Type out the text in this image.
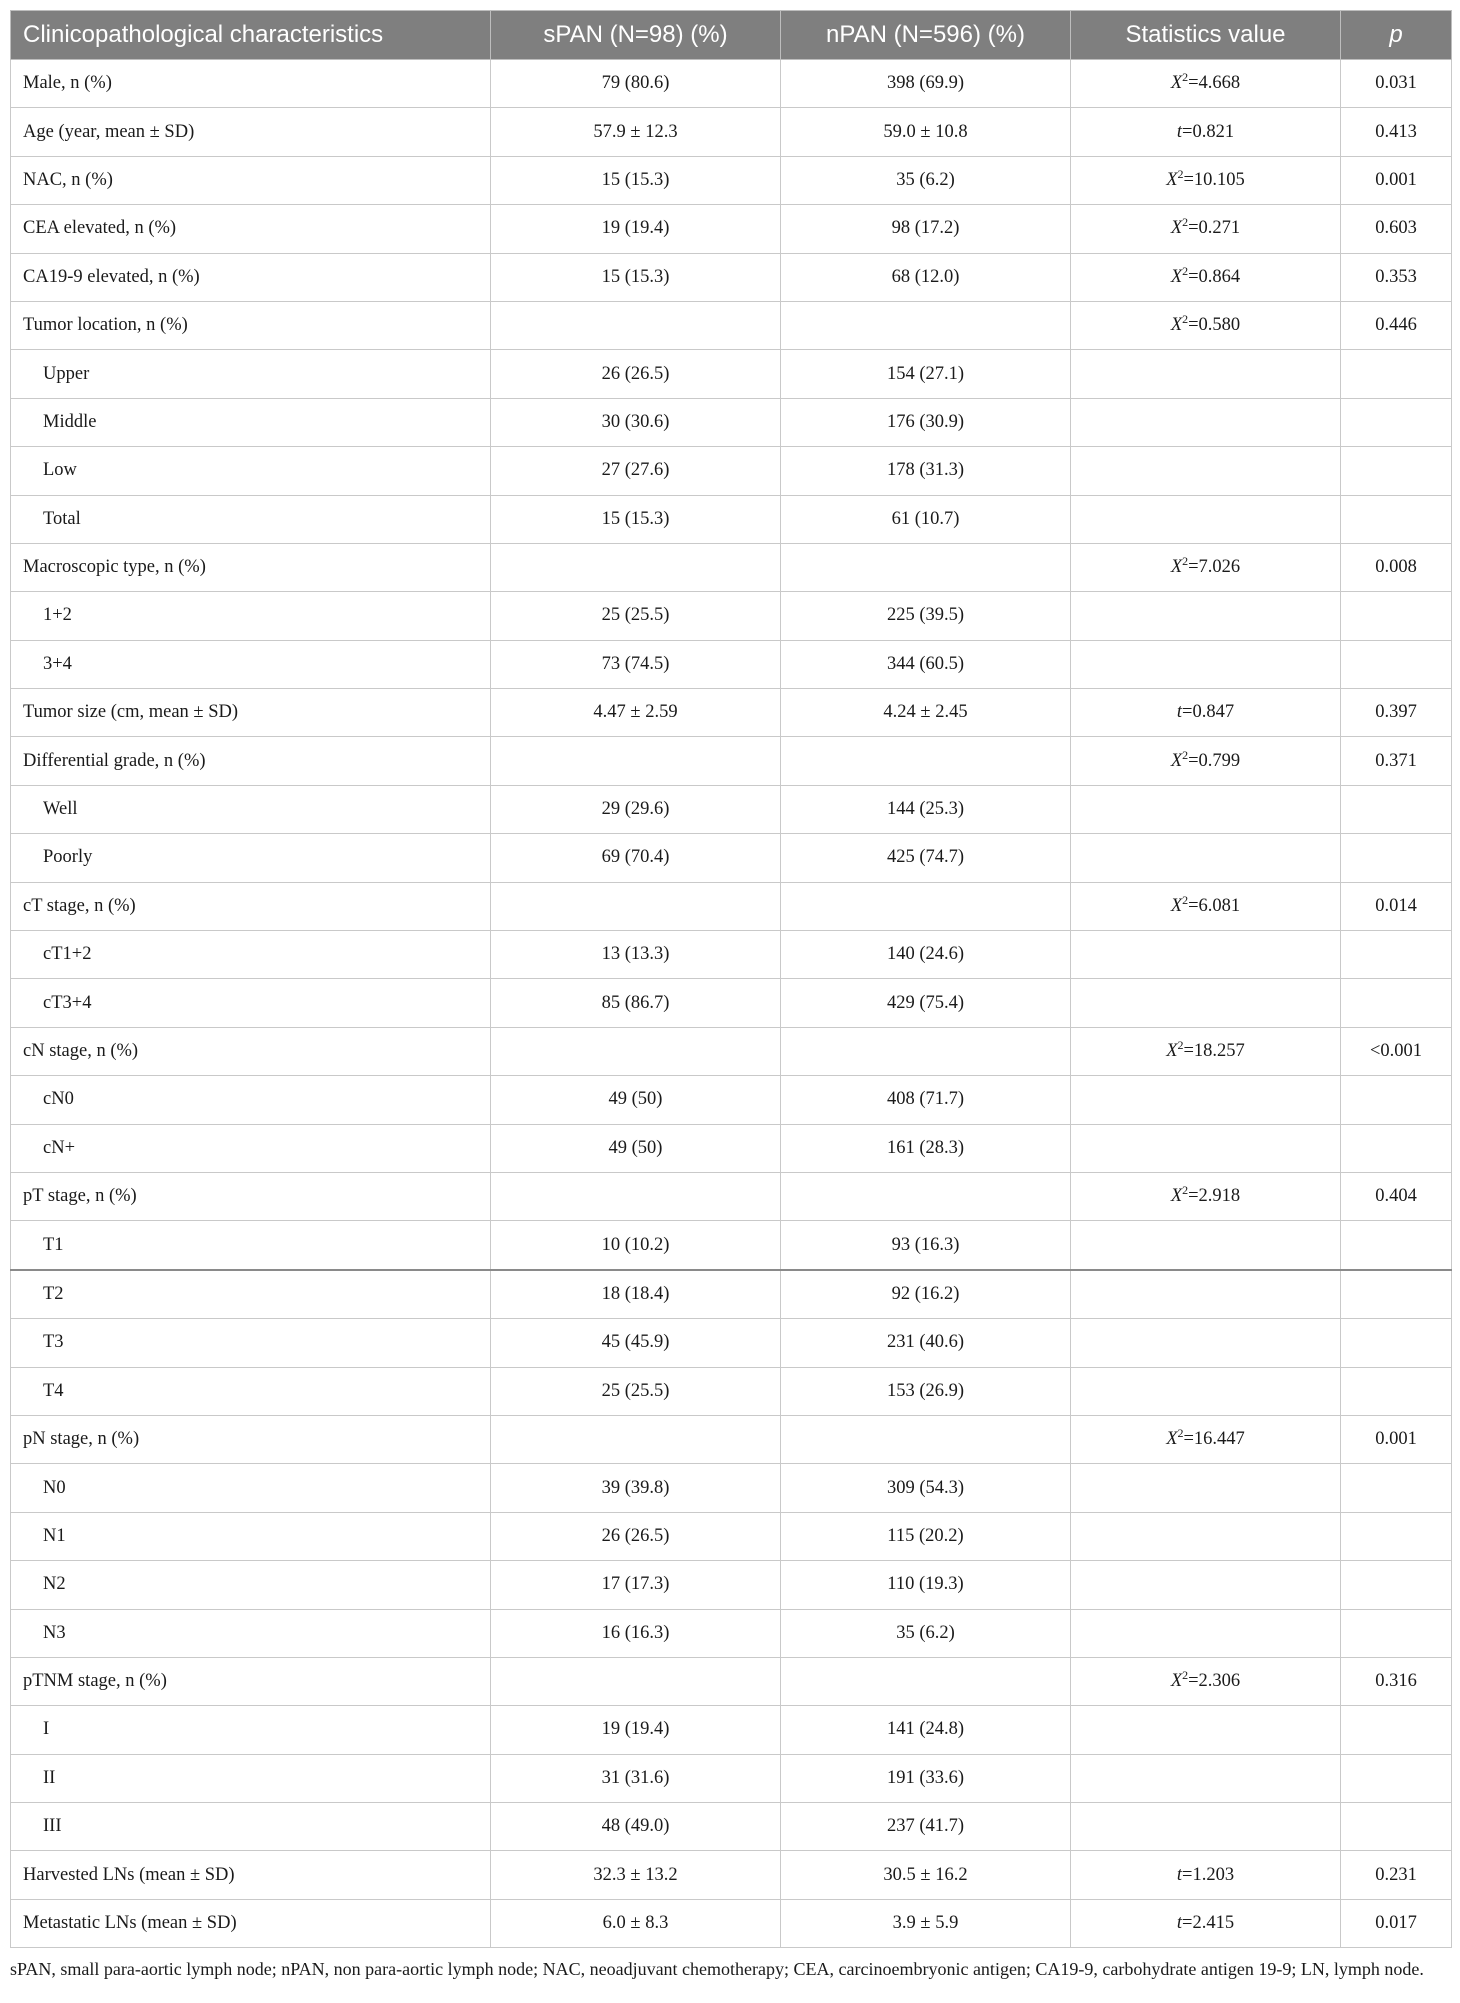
Clinicopathological characteristics	sPAN (N=98) (%)	nPAN (N=596) (%)	Statistics value	p
Male, n (%)	79 (80.6)	398 (69.9)	$X^2=4.668$	0.031
Age (year, mean ± SD)	57.9 ± 12.3	59.0 ± 10.8	t=0.821	0.413
NAC, n (%)	15 (15.3)	35 (6.2)	$X^2=10.105$	0.001
CEA elevated, n (%)	19 (19.4)	98 (17.2)	$X^2=0.271$	0.603
CA19-9 elevated, n (%)	15 (15.3)	68 (12.0)	$X^2=0.864$	0.353
Tumor location, n (%)			$X^2=0.580$	0.446
Upper	26 (26.5)	154 (27.1)		
Middle	30 (30.6)	176 (30.9)		
Low	27 (27.6)	178 (31.3)		
Total	15 (15.3)	61 (10.7)		
Macroscopic type, n (%)			$X^2=7.026$	0.008
1+2	25 (25.5)	225 (39.5)		
3+4	73 (74.5)	344 (60.5)		
Tumor size (cm, mean ± SD)	4.47 ± 2.59	4.24 ± 2.45	t=0.847	0.397
Differential grade, n (%)			$X^2=0.799$	0.371
Well	29 (29.6)	144 (25.3)		
Poorly	69 (70.4)	425 (74.7)		
cT stage, n (%)			$X^2=6.081$	0.014
cT1+2	13 (13.3)	140 (24.6)		
cT3+4	85 (86.7)	429 (75.4)		
cN stage, n (%)			$X^2=18.257$	<0.001
cN0	49 (50)	408 (71.7)		
cN+	49 (50)	161 (28.3)		
pT stage, n (%)			$X^2=2.918$	0.404
T1	10 (10.2)	93 (16.3)		
T2	18 (18.4)	92 (16.2)		
T3	45 (45.9)	231 (40.6)		
T4	25 (25.5)	153 (26.9)		
pN stage, n (%)			$X^2=16.447$	0.001
N0	39 (39.8)	309 (54.3)		
N1	26 (26.5)	115 (20.2)		
N2	17 (17.3)	110 (19.3)		
N3	16 (16.3)	35 (6.2)		
pTNM stage, n (%)			$X^2=2.306$	0.316
I	19 (19.4)	141 (24.8)		
II	31 (31.6)	191 (33.6)		
III	48 (49.0)	237 (41.7)		
Harvested LNs (mean ± SD)	32.3 ± 13.2	30.5 ± 16.2	t=1.203	0.231
Metastatic LNs (mean ± SD)	6.0 ± 8.3	3.9 ± 5.9	t=2.415	0.017
sPAN, small para-aortic lymph node; nPAN, non para-aortic lymph node; NAC, neoadjuvant chemotherapy; CEA, carcinoembryonic antigen; CA19-9, carbohydrate antigen 19-9; LN, lymph node.
